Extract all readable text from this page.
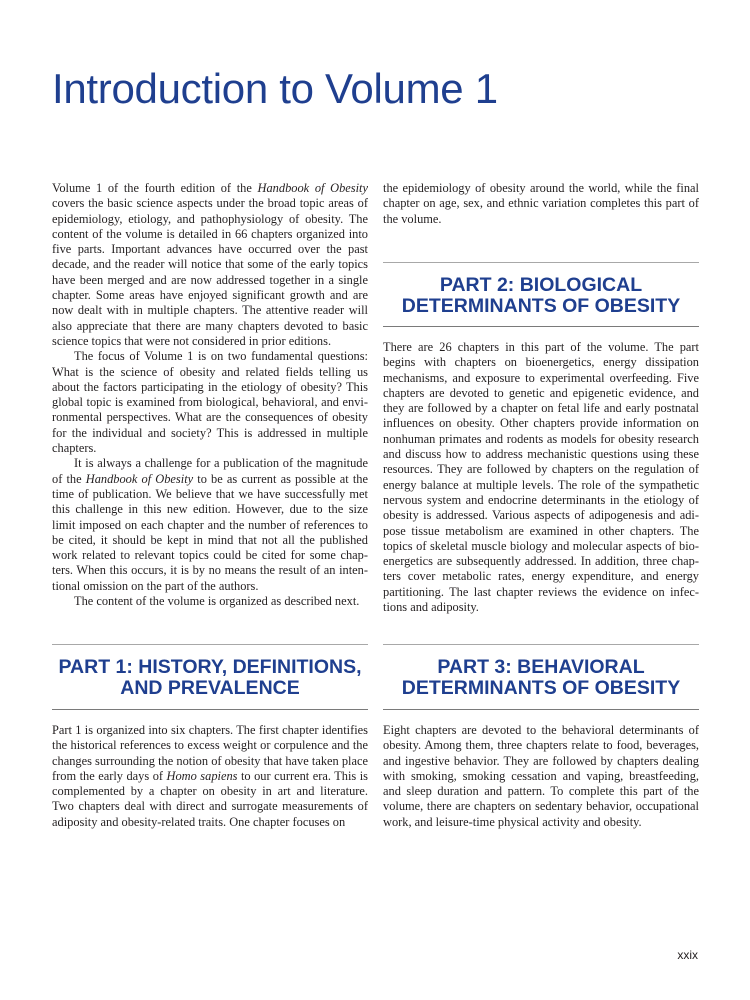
Introduction to Volume 1

Volume 1 of the fourth edition of the Handbook of Obesity covers the basic science aspects under the broad topic areas of epidemiology, etiology, and pathophysiology of obesity. The content of the volume is detailed in 66 chapters organized into five parts. Important advances have occurred over the past decade, and the reader will notice that some of the early topics have been merged and are now addressed together in a single chapter. Some areas have enjoyed significant growth and are now dealt with in multiple chapters. The attentive reader will also appreciate that there are many chapters devoted to basic science topics that were not considered in prior editions.

The focus of Volume 1 is on two fundamental questions: What is the science of obesity and related fields telling us about the factors participating in the etiology of obesity? This global topic is examined from biological, behavioral, and environmental perspectives. What are the consequences of obesity for the individual and society? This is addressed in multiple chapters.

It is always a challenge for a publication of the magnitude of the Handbook of Obesity to be as current as possible at the time of publication. We believe that we have successfully met this challenge in this new edition. However, due to the size limit imposed on each chapter and the number of references to be cited, it should be kept in mind that not all the published work related to relevant topics could be cited for some chapters. When this occurs, it is by no means the result of an intentional omission on the part of the authors.

The content of the volume is organized as described next.

the epidemiology of obesity around the world, while the final chapter on age, sex, and ethnic variation completes this part of the volume.

PART 2: BIOLOGICAL
DETERMINANTS OF OBESITY

There are 26 chapters in this part of the volume. The part begins with chapters on bioenergetics, energy dissipation mechanisms, and exposure to experimental overfeeding. Five chapters are devoted to genetic and epigenetic evidence, and they are followed by a chapter on fetal life and early postnatal influences on obesity. Other chapters provide information on nonhuman primates and rodents as models for obesity research and discuss how to address mechanistic questions using these resources. They are followed by chapters on the regulation of energy balance at multiple levels. The role of the sympathetic nervous system and endocrine determinants in the etiology of obesity is addressed. Various aspects of adipogenesis and adipose tissue metabolism are examined in other chapters. The topics of skeletal muscle biology and molecular aspects of bioenergetics are subsequently addressed. In addition, three chapters cover metabolic rates, energy expenditure, and energy partitioning. The last chapter reviews the evidence on infections and adiposity.

PART 1: HISTORY, DEFINITIONS,
AND PREVALENCE

Part 1 is organized into six chapters. The first chapter identifies the historical references to excess weight or corpulence and the changes surrounding the notion of obesity that have taken place from the early days of Homo sapiens to our current era. This is complemented by a chapter on obesity in art and literature. Two chapters deal with direct and surrogate measurements of adiposity and obesity-related traits. One chapter focuses on

PART 3: BEHAVIORAL
DETERMINANTS OF OBESITY

Eight chapters are devoted to the behavioral determinants of obesity. Among them, three chapters relate to food, beverages, and ingestive behavior. They are followed by chapters dealing with smoking, smoking cessation and vaping, breastfeeding, and sleep duration and pattern. To complete this part of the volume, there are chapters on sedentary behavior, occupational work, and leisure-time physical activity and obesity.

xxix
